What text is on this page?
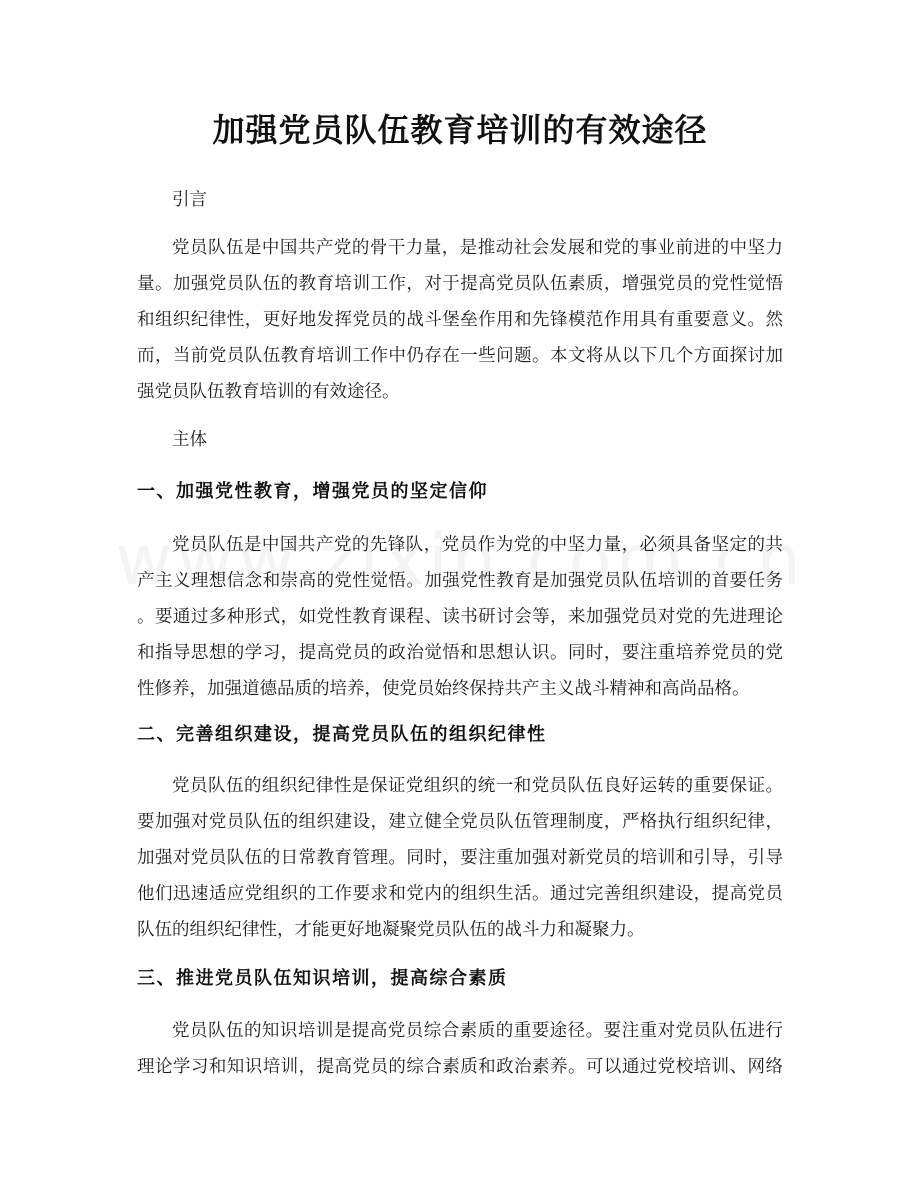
加强党员队伍教育培训的有效途径
引言
党员队伍是中国共产党的骨干力量，是推动社会发展和党的事业前进的中坚力
量。加强党员队伍的教育培训工作，对于提高党员队伍素质，增强党员的党性觉悟
和组织纪律性，更好地发挥党员的战斗堡垒作用和先锋模范作用具有重要意义。然
而，当前党员队伍教育培训工作中仍存在一些问题。本文将从以下几个方面探讨加
强党员队伍教育培训的有效途径。
主体
一、加强党性教育，增强党员的坚定信仰
党员队伍是中国共产党的先锋队，党员作为党的中坚力量，必须具备坚定的共
产主义理想信念和崇高的党性觉悟。加强党性教育是加强党员队伍培训的首要任务
。要通过多种形式，如党性教育课程、读书研讨会等，来加强党员对党的先进理论
和指导思想的学习，提高党员的政治觉悟和思想认识。同时，要注重培养党员的党
性修养，加强道德品质的培养，使党员始终保持共产主义战斗精神和高尚品格。
二、完善组织建设，提高党员队伍的组织纪律性
党员队伍的组织纪律性是保证党组织的统一和党员队伍良好运转的重要保证。
要加强对党员队伍的组织建设，建立健全党员队伍管理制度，严格执行组织纪律，
加强对党员队伍的日常教育管理。同时，要注重加强对新党员的培训和引导，引导
他们迅速适应党组织的工作要求和党内的组织生活。通过完善组织建设，提高党员
队伍的组织纪律性，才能更好地凝聚党员队伍的战斗力和凝聚力。
三、推进党员队伍知识培训，提高综合素质
党员队伍的知识培训是提高党员综合素质的重要途径。要注重对党员队伍进行
理论学习和知识培训，提高党员的综合素质和政治素养。可以通过党校培训、网络
